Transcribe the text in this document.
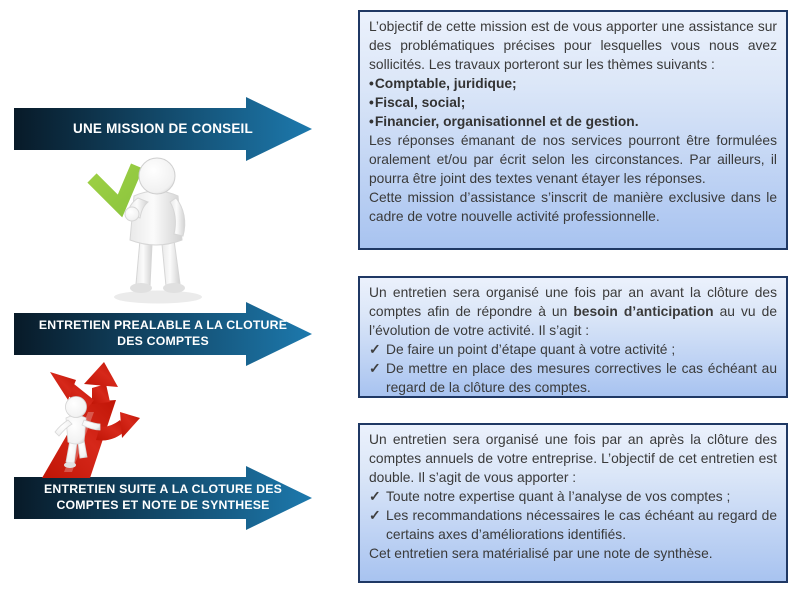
UNE MISSION DE CONSEIL
ENTRETIEN PREALABLE A LA CLOTURE DES COMPTES
ENTRETIEN SUITE A LA CLOTURE DES COMPTES ET NOTE DE SYNTHESE
L’objectif de cette mission est de vous apporter une assistance sur des problématiques précises pour lesquelles vous nous avez sollicités. Les travaux porteront sur les thèmes suivants :
•Comptable, juridique;
•Fiscal, social;
•Financier, organisationnel et de gestion.
Les réponses émanant de nos services pourront être formulées oralement et/ou par écrit selon les circonstances. Par ailleurs, il pourra être joint des textes venant étayer les réponses.
Cette mission d’assistance s’inscrit de manière exclusive dans le cadre de votre nouvelle activité professionnelle.
Un entretien sera organisé une fois par an avant la clôture des comptes afin de répondre à un besoin d’anticipation au vu de l’évolution de votre activité. Il s’agit :
✓ De faire un point d’étape quant à votre activité ;
✓ De mettre en place des mesures correctives le cas échéant au regard de la clôture des comptes.
Un entretien sera organisé une fois par an après la clôture des comptes annuels de votre entreprise. L’objectif de cet entretien est double. Il s’agit de vous apporter :
✓ Toute notre expertise quant à l’analyse de vos comptes ;
✓ Les recommandations nécessaires le cas échéant au regard de certains axes d’améliorations identifiés.
Cet entretien sera matérialisé par une note de synthèse.
